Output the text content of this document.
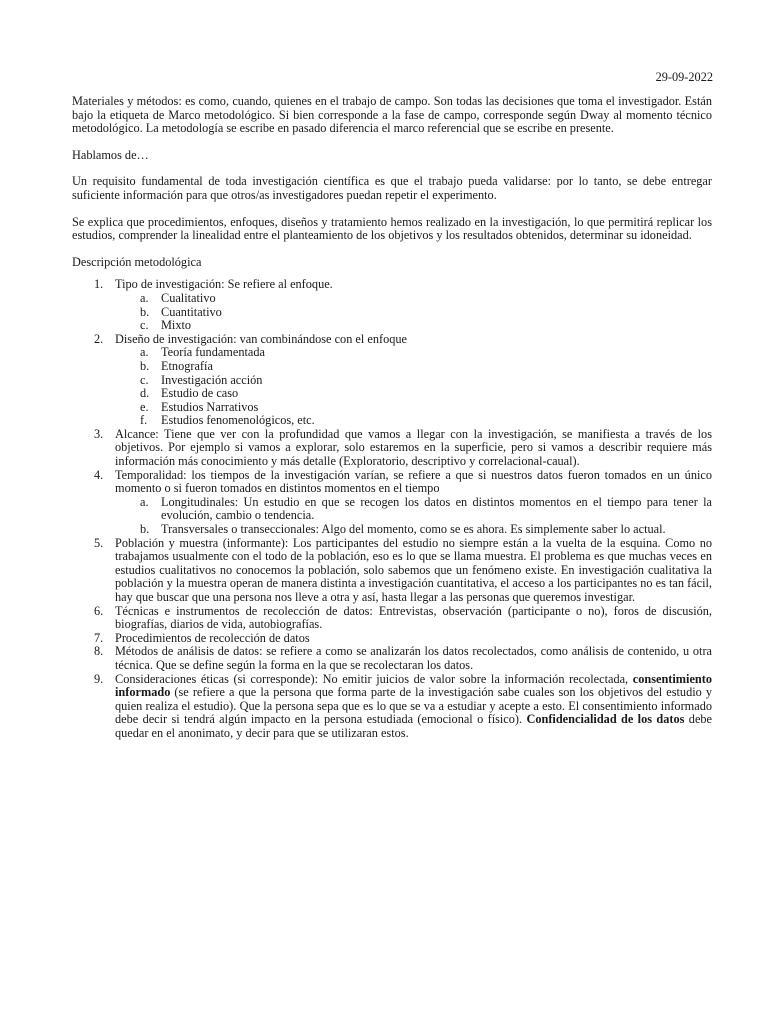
29-09-2022

Materiales y métodos: es como, cuando, quienes en el trabajo de campo. Son todas las decisiones que toma el investigador. Están bajo la etiqueta de Marco metodológico. Si bien corresponde a la fase de campo, corresponde según Dway al momento técnico metodológico. La metodología se escribe en pasado diferencia el marco referencial que se escribe en presente.

Hablamos de…

Un requisito fundamental de toda investigación científica es que el trabajo pueda validarse: por lo tanto, se debe entregar suficiente información para que otros/as investigadores puedan repetir el experimento.

Se explica que procedimientos, enfoques, diseños y tratamiento hemos realizado en la investigación, lo que permitirá replicar los estudios, comprender la linealidad entre el planteamiento de los objetivos y los resultados obtenidos, determinar su idoneidad.

Descripción metodológica

1. Tipo de investigación: Se refiere al enfoque.
a. Cualitativo
b. Cuantitativo
c. Mixto
2. Diseño de investigación: van combinándose con el enfoque
a. Teoría fundamentada
b. Etnografía
c. Investigación acción
d. Estudio de caso
e. Estudios Narrativos
f. Estudios fenomenológicos, etc.
3. Alcance: Tiene que ver con la profundidad que vamos a llegar con la investigación, se manifiesta a través de los objetivos. Por ejemplo si vamos a explorar, solo estaremos en la superficie, pero si vamos a describir requiere más información más conocimiento y más detalle (Exploratorio, descriptivo y correlacional-caual).
4. Temporalidad: los tiempos de la investigación varían, se refiere a que si nuestros datos fueron tomados en un único momento o si fueron tomados en distintos momentos en el tiempo
a. Longitudinales: Un estudio en que se recogen los datos en distintos momentos en el tiempo para tener la evolución, cambio o tendencia.
b. Transversales o transeccionales: Algo del momento, como se es ahora. Es simplemente saber lo actual.
5. Población y muestra (informante): Los participantes del estudio no siempre están a la vuelta de la esquina. Como no trabajamos usualmente con el todo de la población, eso es lo que se llama muestra. El problema es que muchas veces en estudios cualitativos no conocemos la población, solo sabemos que un fenómeno existe. En investigación cualitativa la población y la muestra operan de manera distinta a investigación cuantitativa, el acceso a los participantes no es tan fácil, hay que buscar que una persona nos lleve a otra y así, hasta llegar a las personas que queremos investigar.
6. Técnicas e instrumentos de recolección de datos: Entrevistas, observación (participante o no), foros de discusión, biografías, diarios de vida, autobiografías.
7. Procedimientos de recolección de datos
8. Métodos de análisis de datos: se refiere a como se analizarán los datos recolectados, como análisis de contenido, u otra técnica. Que se define según la forma en la que se recolectaran los datos.
9. Consideraciones éticas (si corresponde): No emitir juicios de valor sobre la información recolectada, consentimiento informado (se refiere a que la persona que forma parte de la investigación sabe cuales son los objetivos del estudio y quien realiza el estudio). Que la persona sepa que es lo que se va a estudiar y acepte a esto. El consentimiento informado debe decir si tendrá algún impacto en la persona estudiada (emocional o físico). Confidencialidad de los datos debe quedar en el anonimato, y decir para que se utilizaran estos.
